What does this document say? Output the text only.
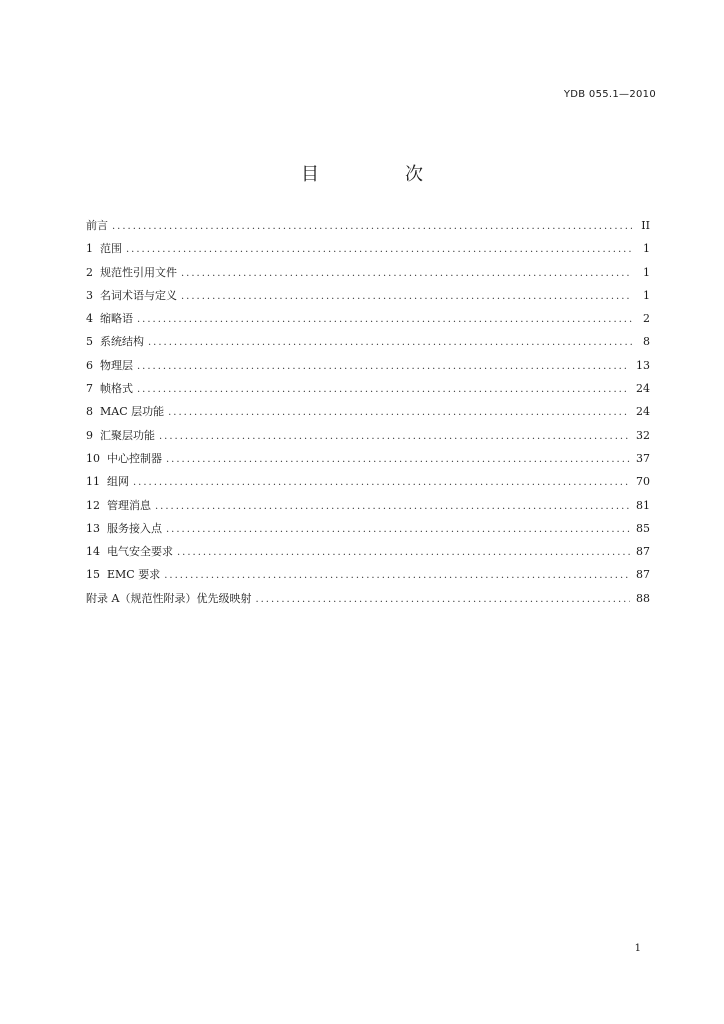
YDB 055.1—2010
目　次
前言 .....	II
1 范围 .....	1
2 规范性引用文件 .....	1
3 名词术语与定义 .....	1
4 缩略语 .....	2
5 系统结构 .....	8
6 物理层 .....	13
7 帧格式 .....	24
8 MAC 层功能 .....	24
9 汇聚层功能 .....	32
10 中心控制器 .....	37
11 组网 .....	70
12 管理消息 .....	81
13 服务接入点 .....	85
14 电气安全要求 .....	87
15 EMC 要求 .....	87
附录 A（规范性附录）优先级映射 .....	88
1
